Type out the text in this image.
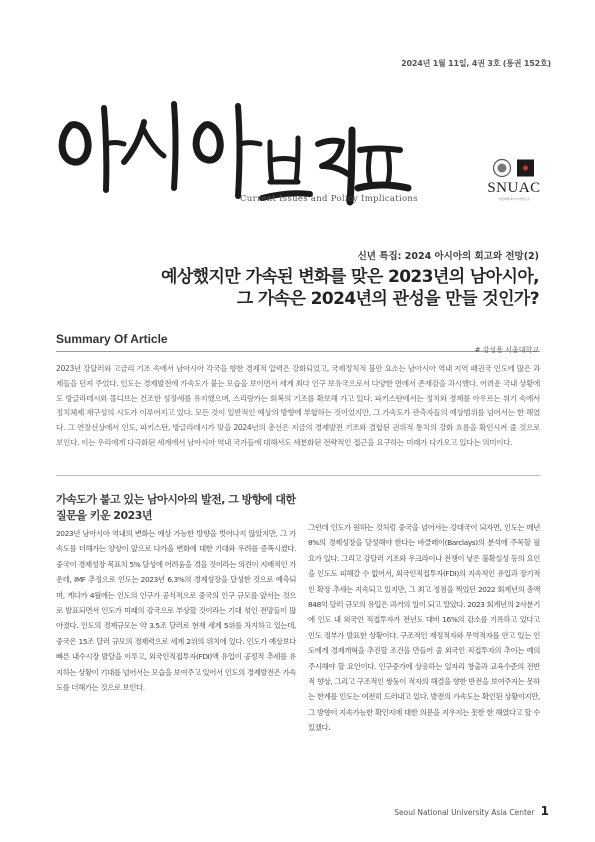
2024년 1월 11일, 4권 3호 (통권 152호)
Current Issues and Policy Implications
SNUAC
서울대학교아시아연구소
신년 특집: 2024 아시아의 회고와 전망(2)
예상했지만 가속된 변화를 맞은 2023년의 남아시아,
그 가속은 2024년의 관성을 만들 것인가?
Summary Of Article
# 강성용 서울대학교
2023년 강달러와 고금리 기조 속에서 남아시아 각국을 향한 경제적 압력은 강화되었고, 국제정치적 불안 요소는 남아시아 역내 지역 패권국 인도에 많은 과제들을 던져 주었다. 인도는 경제발전에 가속도가 붙는 모습을 보이면서 세계 최다 인구 보유국으로서 다양한 면에서 존재감을 과시했다. 어려운 국내 상황에도 방글라데시와 몰디브는 건조한 성장세를 유지했으며, 스리랑카는 회복의 기조를 확보해 가고 있다. 파키스탄에서는 정치와 경제를 아우르는 위기 속에서 정치체제 재구성의 시도가 이루어지고 있다. 모든 것이 일반적인 예상의 방향에 부합하는 것이었지만, 그 가속도가 관측자들의 예상범위를 넘어서는 한 해였다. 그 연장선상에서 인도, 파키스탄, 방글라데시가 맞을 2024년의 총선은 지금의 경제발전 기조와 결합된 권위적 통치의 강화 흐름을 확인시켜 줄 것으로 보인다. 이는 우리에게 다극화된 세계에서 남아시아 역내 국가들에 대해서도 세분화된 전략적인 접근을 요구하는 미래가 다가오고 있다는 의미이다.
가속도가 붙고 있는 남아시아의 발전, 그 방향에 대한 질문을 키운 2023년
2023년 남아시아 역내의 변화는 예상 가능한 방향을 벗어나지 않았지만, 그 가속도를 더해가는 양상이 앞으로 다가올 변화에 대한 기대와 우려를 증폭시켰다. 중국이 경제성장 목표치 5% 달성에 어려움을 겪을 것이라는 의견이 지배적인 가운데, IMF 추정으로 인도는 2023년 6.3%의 경제성장을 달성한 것으로 예측되며, 게다가 4월에는 인도의 인구가 공식적으로 중국의 인구 규모를 앞서는 것으로 발표되면서 인도가 미래의 강국으로 부상할 것이라는 기대 섞인 전망들이 많아졌다. 인도의 경제규모는 약 3.5조 달러로 현재 세계 5위를 차지하고 있는데, 중국은 15조 달러 규모의 경제력으로 세계 2위의 위치에 있다. 인도가 예상보다 빠른 내수시장 발달을 이루고, 외국인직접투자(FDI)액 유입이 공정적 추세를 유지하는 상황이 기대를 넘어서는 모습을 보여주고 있어서 인도의 경제발전은 가속도를 더해가는 것으로 보인다.
그런데 인도가 원하는 것처럼 중국을 넘어서는 강대국이 되자면, 인도는 매년 8%의 경제성장을 달성해야 한다는 바클레이(Barclays)의 분석에 주목할 필요가 있다. 그리고 강달러 기조와 우크라이나 전쟁이 낳은 불확실성 등의 요인을 인도도 피해갈 수 없어서, 외국인직접투자(FDI)의 지속적인 유입과 장기적인 확장 추세는 지속되고 있지만, 그 최고 정점을 찍었던 2022 회계년의 총액 848억 달러 규모의 유입은 과거의 일이 되고 말았다. 2023 회계년의 2사분기에 인도 내 외국인 직접투자가 전년도 대비 16%의 감소를 기록하고 있다고 인도 정부가 발표한 상황이다. 구조적인 재정적자와 무역적자를 안고 있는 인도에게 경제개혁을 추진할 조건을 만들어 줄 외국인 직접투자의 추이는 예의주시해야 할 요인이다. 인구증가에 상응하는 일자리 창출과 교육수준의 전반적 향상, 그리고 구조적인 쌍둥이 적자의 해결을 향한 반전을 보여주지는 못하는 한계를 인도는 여전히 드러내고 있다. 발전의 가속도는 확인된 상황이지만, 그 방향이 지속가능한 확인지에 대한 의문을 지우지는 못한 한 해였다고 할 수 있겠다.
Seoul National University Asia Center 1
